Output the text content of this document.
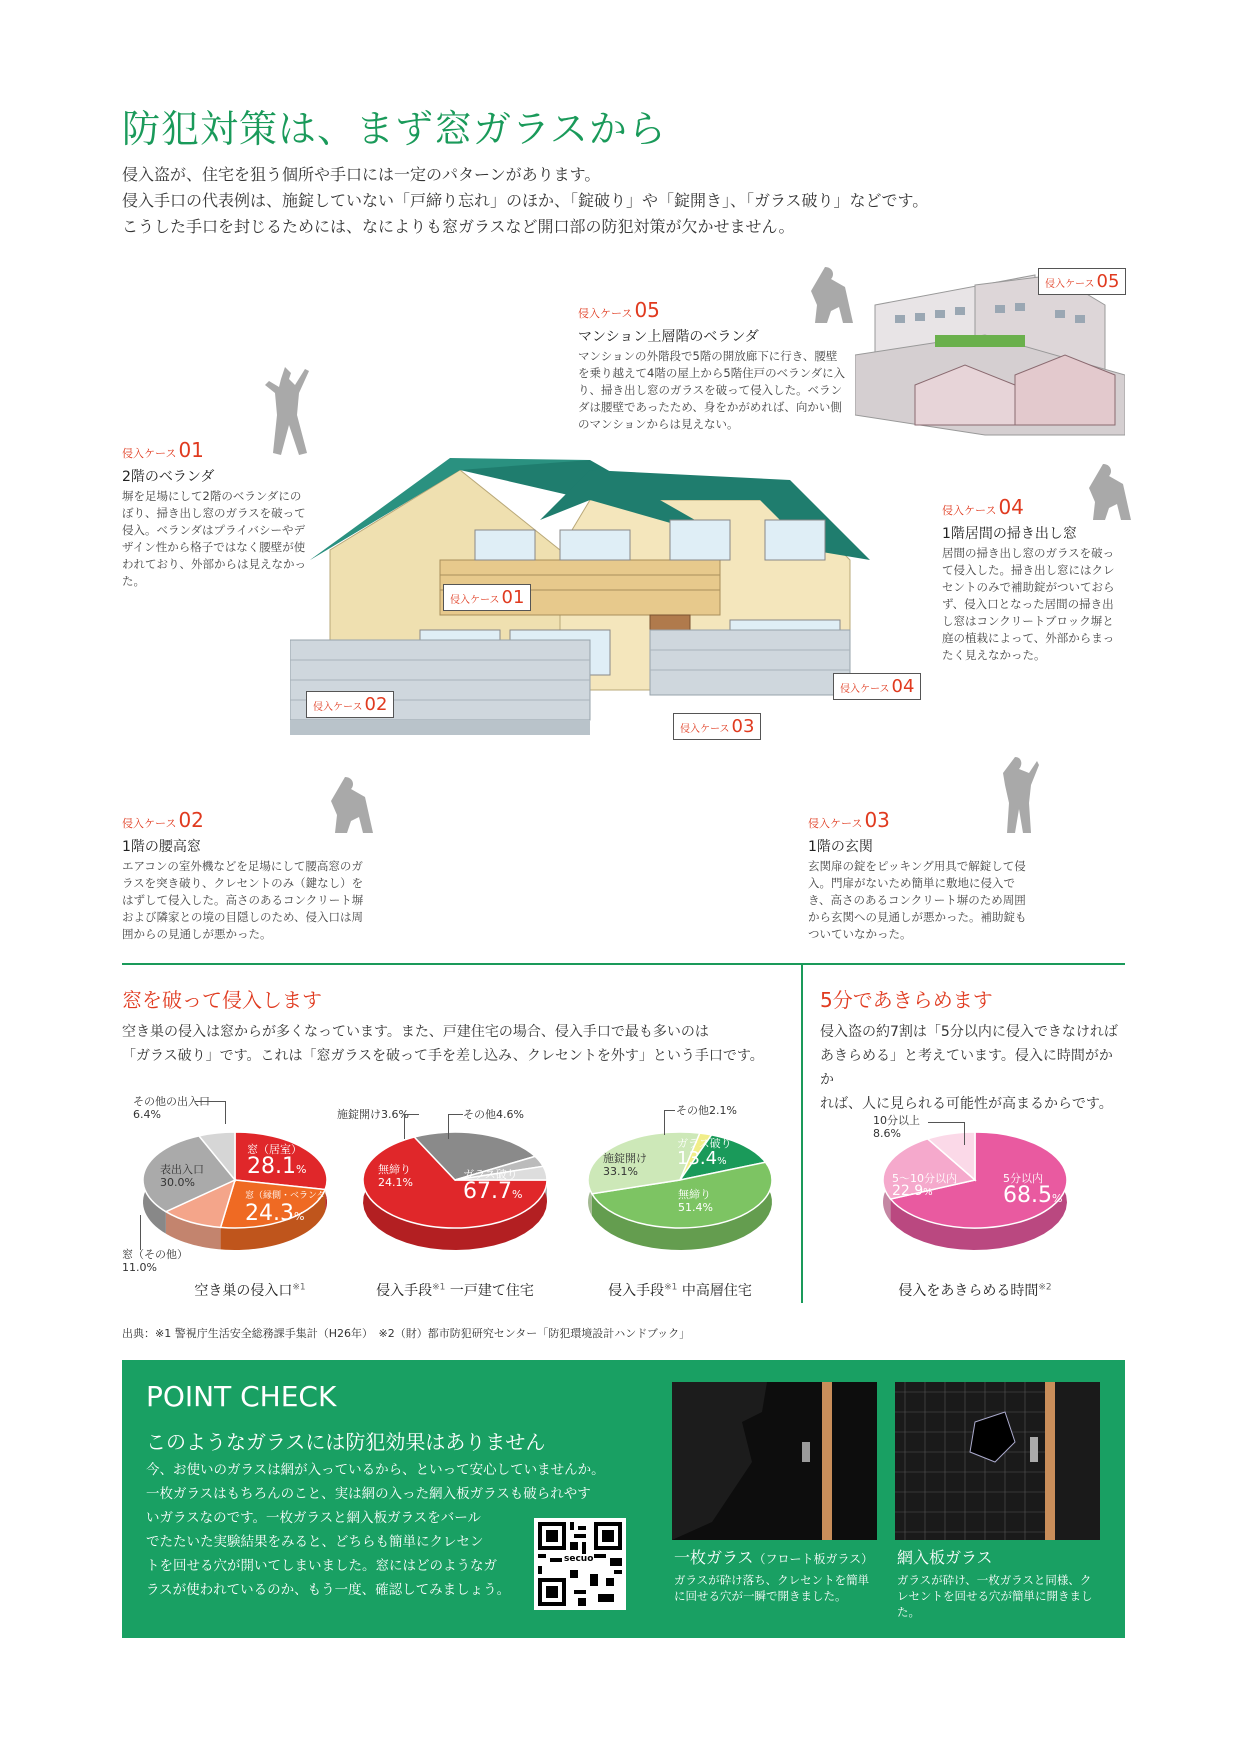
防犯対策は、まず窓ガラスから

侵入盗が、住宅を狙う個所や手口には一定のパターンがあります。

侵入手口の代表例は、施錠していない「戸締り忘れ」のほか、「錠破り」や「錠開き」、「ガラス破り」などです。

こうした手口を封じるためには、なによりも窓ガラスなど開口部の防犯対策が欠かせません。

侵入ケース 01
侵入ケース 02
侵入ケース 03
侵入ケース 04
侵入ケース 05
侵入ケース 01
2階のベランダ
塀を足場にして2階のベランダにのぼり、掃き出し窓のガラスを破って侵入。ベランダはプライバシーやデザイン性から格子ではなく腰壁が使われており、外部からは見えなかった。
侵入ケース 02
1階の腰高窓
エアコンの室外機などを足場にして腰高窓のガラスを突き破り、クレセントのみ（鍵なし）をはずして侵入した。高さのあるコンクリート塀および隣家との境の目隠しのため、侵入口は周囲からの見通しが悪かった。
侵入ケース 03
1階の玄関
玄関扉の錠をピッキング用具で解錠して侵入。門扉がないため簡単に敷地に侵入でき、高さのあるコンクリート塀のため周囲から玄関への見通しが悪かった。補助錠もついていなかった。
侵入ケース 04
1階居間の掃き出し窓
居間の掃き出し窓のガラスを破って侵入した。掃き出し窓にはクレセントのみで補助錠がついておらず、侵入口となった居間の掃き出し窓はコンクリートブロック塀と庭の植栽によって、外部からまったく見えなかった。
侵入ケース 05
マンション上層階のベランダ
マンションの外階段で5階の開放廊下に行き、腰壁を乗り越えて4階の屋上から5階住戸のベランダに入り、掃き出し窓のガラスを破って侵入した。ベランダは腰壁であったため、身をかがめれば、向かい側のマンションからは見えない。
窓を破って侵入します
空き巣の侵入は窓からが多くなっています。また、戸建住宅の場合、侵入手口で最も多いのは
「ガラス破り」です。これは「窓ガラスを破って手を差し込み、クレセントを外す」という手口です。
5分であきらめます
侵入盗の約7割は「5分以内に侵入できなければ
あきらめる」と考えています。侵入に時間がかか
れば、人に見られる可能性が高まるからです。
その他の出入口
6.4%
表出入口
30.0%
窓（居室）
28.1%
窓（縁側・ベランダ）
24.3%
窓（その他）
11.0%
空き巣の侵入口$^{※1}$
施錠開け3.6%	その他4.6%
無締り
24.1%
ガラス破り
67.7%
侵入手段$^{※1}$ 一戸建て住宅
その他2.1%
施錠開け
33.1%
ガラス破り
13.4%
無締り
51.4%
侵入手段$^{※1}$ 中高層住宅
10分以上
8.6%
5〜10分以内
22.9%
5分以内
68.5%
侵入をあきらめる時間$^{※2}$
出典：※1 警視庁生活安全総務課手集計（H26年）　※2（財）都市防犯研究センター「防犯環境設計ハンドブック」
POINT CHECK
このようなガラスには防犯効果はありません
今、お使いのガラスは網が入っているから、といって安心していませんか。
一枚ガラスはもちろんのこと、実は網の入った網入板ガラスも破られやす
いガラスなのです。一枚ガラスと網入板ガラスをバール
でたたいた実験結果をみると、どちらも簡単にクレセン
トを回せる穴が開いてしまいました。窓にはどのようなガ
ラスが使われているのか、もう一度、確認してみましょう。
secuo	一枚ガラス（フロート板ガラス）
ガラスが砕け落ち、クレセントを簡単に回せる穴が一瞬で開きました。
網入板ガラス
ガラスが砕け、一枚ガラスと同様、クレセントを回せる穴が簡単に開きました。
